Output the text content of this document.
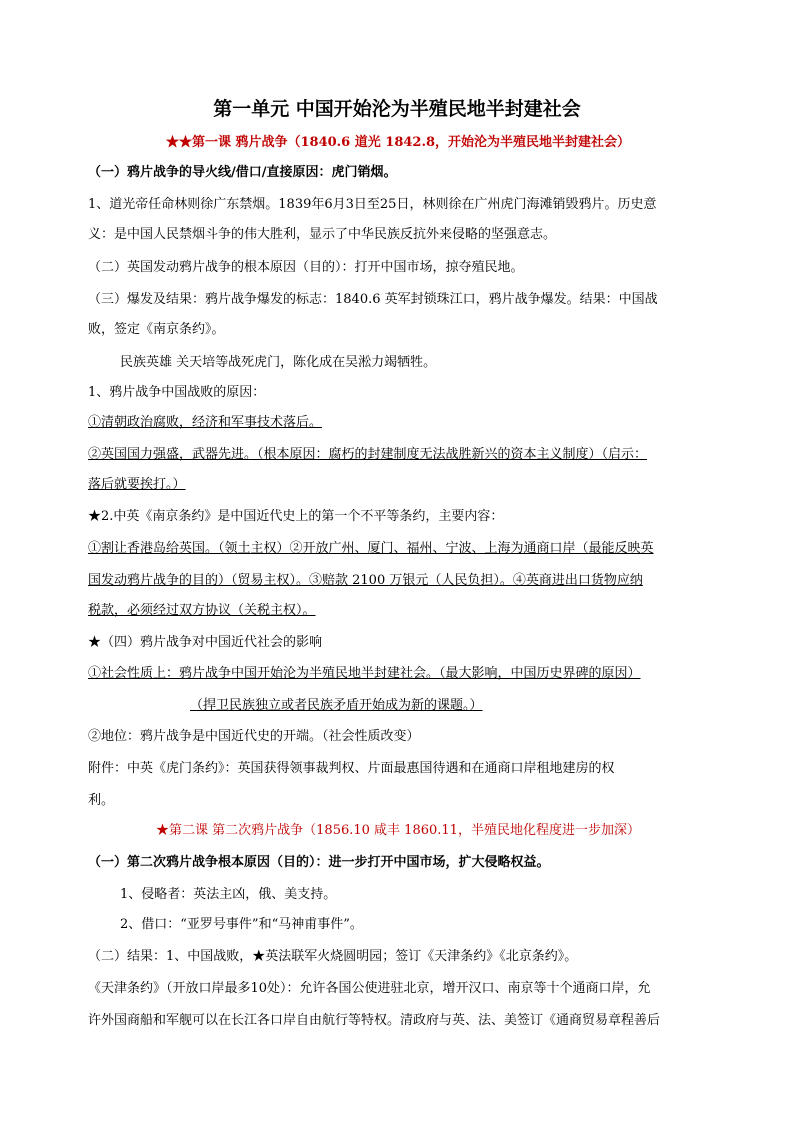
第一单元 中国开始沦为半殖民地半封建社会
★★第一课 鸦片战争（1840.6 道光 1842.8，开始沦为半殖民地半封建社会）
（一）鸦片战争的导火线/借口/直接原因：虎门销烟。
1、道光帝任命林则徐广东禁烟。1839年6月3日至25日，林则徐在广州虎门海滩销毁鸦片。历史意
义：是中国人民禁烟斗争的伟大胜利，显示了中华民族反抗外来侵略的坚强意志。
（二）英国发动鸦片战争的根本原因（目的）：打开中国市场，掠夺殖民地。
（三）爆发及结果：鸦片战争爆发的标志：1840.6 英军封锁珠江口，鸦片战争爆发。结果：中国战
败，签定《南京条约》。
民族英雄 关天培等战死虎门，陈化成在吴淞力竭牺牲。
1、鸦片战争中国战败的原因：
①清朝政治腐败，经济和军事技术落后。
②英国国力强盛，武器先进。（根本原因：腐朽的封建制度无法战胜新兴的资本主义制度）（启示：
落后就要挨打。）
★2.中英《南京条约》是中国近代史上的第一个不平等条约，主要内容：
①割让香港岛给英国。（领土主权）②开放广州、厦门、福州、宁波、上海为通商口岸（最能反映英
国发动鸦片战争的目的）（贸易主权）。③赔款 2100 万银元（人民负担）。④英商进出口货物应纳
税款，必须经过双方协议（关税主权）。
★（四）鸦片战争对中国近代社会的影响
①社会性质上：鸦片战争中国开始沦为半殖民地半封建社会。（最大影响，中国历史界碑的原因）
（捍卫民族独立或者民族矛盾开始成为新的课题。）
②地位：鸦片战争是中国近代史的开端。（社会性质改变）
附件：中英《虎门条约》：英国获得领事裁判权、片面最惠国待遇和在通商口岸租地建房的权
利。
★第二课 第二次鸦片战争（1856.10 咸丰 1860.11，半殖民地化程度进一步加深）
（一）第二次鸦片战争根本原因（目的）：进一步打开中国市场，扩大侵略权益。
1、侵略者：英法主凶，俄、美支持。
2、借口：“亚罗号事件”和“马神甫事件”。
（二）结果：1、中国战败，★英法联军火烧圆明园；签订《天津条约》《北京条约》。
《天津条约》（开放口岸最多10处）：允许各国公使进驻北京，增开汉口、南京等十个通商口岸，允
许外国商船和军舰可以在长江各口岸自由航行等特权。清政府与英、法、美签订《通商贸易章程善后
